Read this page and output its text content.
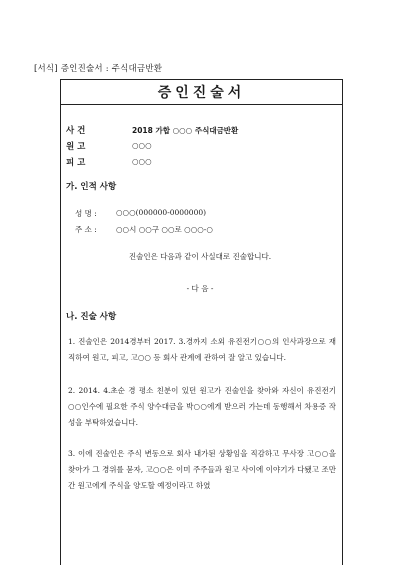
[서식] 증인진술서 : 주식대금반환
증인진술서
사 건	2018 가합 ○○○ 주식대금반환
원 고	○○○
피 고	○○○
가. 인적 사항
성 명 :	○○○(000000-0000000)
주 소 :	○○시 ○○구 ○○로 ○○○-○
진술인은 다음과 같이 사실대로 진술합니다.
- 다 음 -
나. 진술 사항
1. 진술인은 2014경부터 2017. 3.경까지 소외 유진전기○○의 인사과장으로 재직하여 원고, 피고, 고○○ 등 회사 관계에 관하여 잘 알고 있습니다.
2. 2014. 4.초순 경 평소 친분이 있던 원고가 진술인을 찾아와 자신이 유진전기○○인수에 필요한 주식 양수대금을 박○○에게 받으러 가는데 동행해서 차용증 작성을 부탁하였습니다.
3. 이에 진술인은 주식 변동으로 회사 내가된 상황임을 직감하고 무사장 고○○을 찾아가 그 경위를 묻자, 고○○은 이미 주주들과 원고 사이에 이야기가 다됐고 조만간 원고에게 주식을 양도할 예정이라고 하였
